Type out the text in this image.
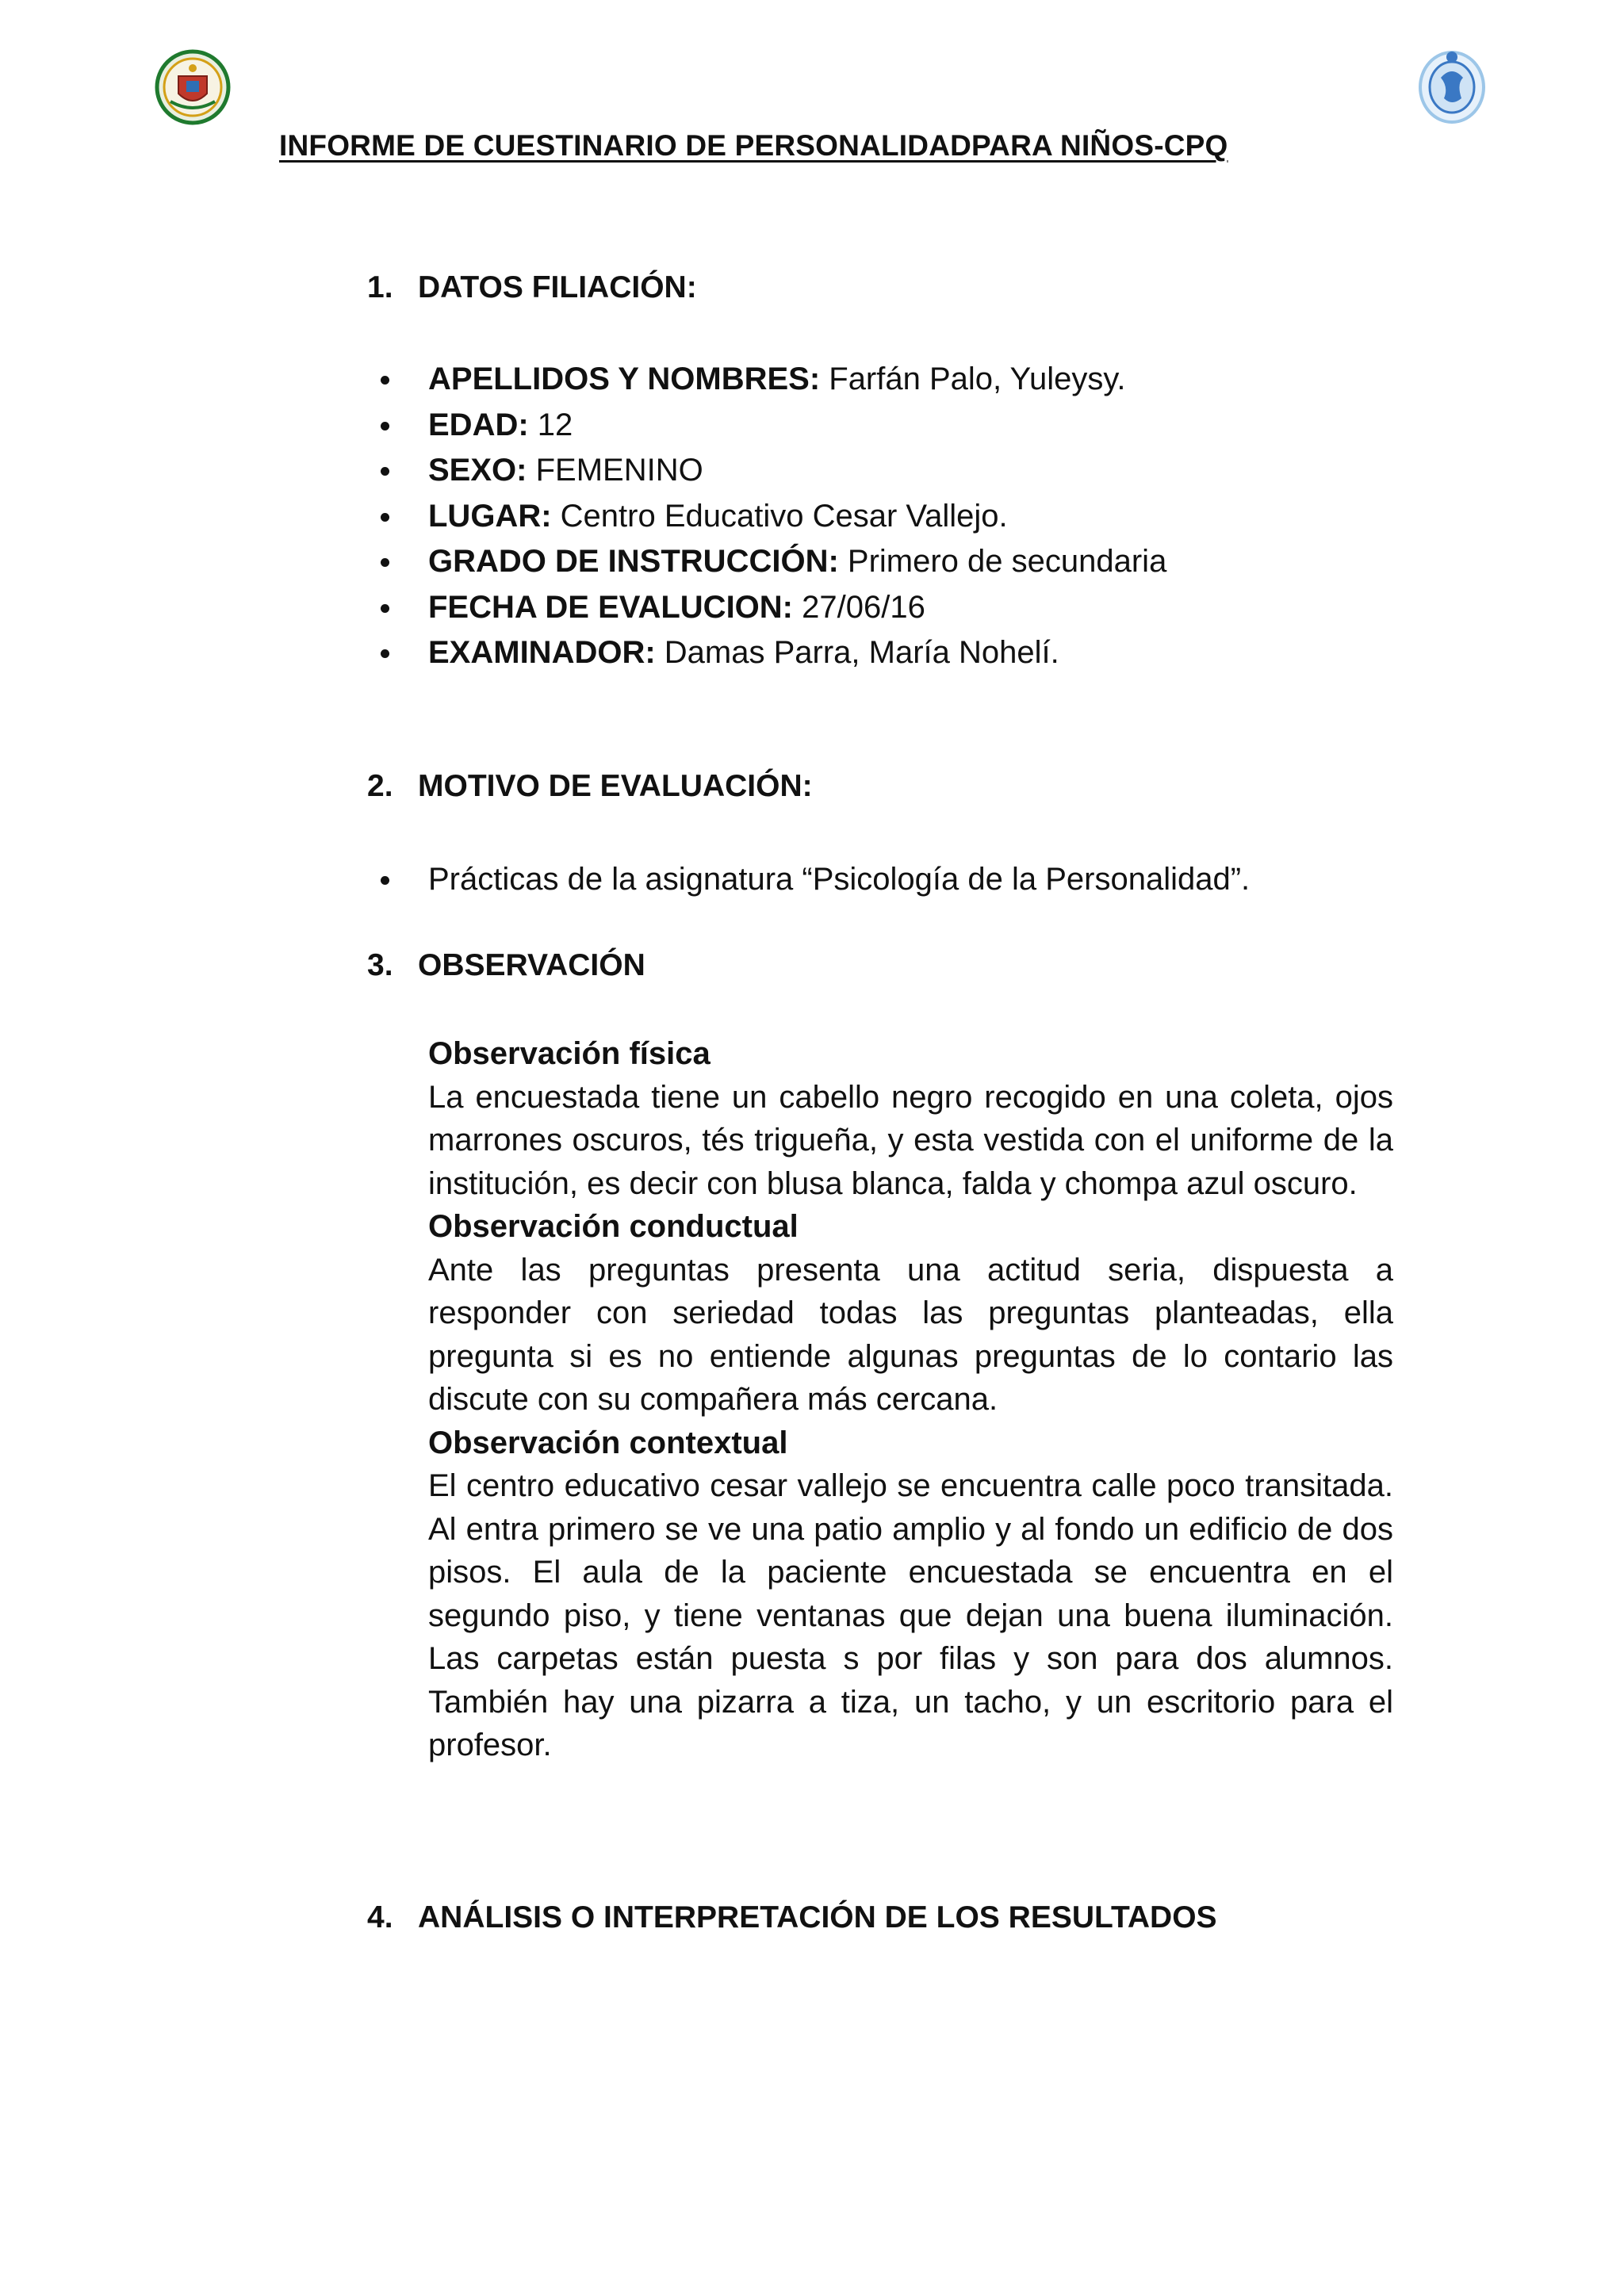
INFORME DE CUESTINARIO DE PERSONALIDADPARA NIÑOS-CPQ
1. DATOS FILIACIÓN:
APELLIDOS Y NOMBRES: Farfán Palo, Yuleysy.
EDAD: 12
SEXO: FEMENINO
LUGAR: Centro Educativo Cesar Vallejo.
GRADO DE INSTRUCCIÓN: Primero de secundaria
FECHA DE EVALUCION: 27/06/16
EXAMINADOR: Damas Parra, María Nohelí.
2. MOTIVO DE EVALUACIÓN:
Prácticas de la asignatura “Psicología de la Personalidad”.
3. OBSERVACIÓN

Observación física

La encuestada tiene un cabello negro recogido en una coleta, ojos marrones oscuros, tés trigueña, y esta vestida con el uniforme de la institución, es decir con blusa blanca, falda y chompa azul oscuro.

Observación conductual

Ante las preguntas presenta una actitud seria, dispuesta a responder con seriedad todas las preguntas planteadas, ella pregunta si es no entiende algunas preguntas de lo contario las discute con su compañera más cercana.

Observación contextual

El centro educativo cesar vallejo se encuentra calle poco transitada. Al entra primero se ve una patio amplio y al fondo un edificio de dos pisos. El aula de la paciente encuestada se encuentra en el segundo piso, y tiene ventanas que dejan una buena iluminación. Las carpetas están puesta s por filas y son para dos alumnos. También hay una pizarra a tiza, un tacho, y un escritorio para el profesor.

4. ANÁLISIS O INTERPRETACIÓN DE LOS RESULTADOS
